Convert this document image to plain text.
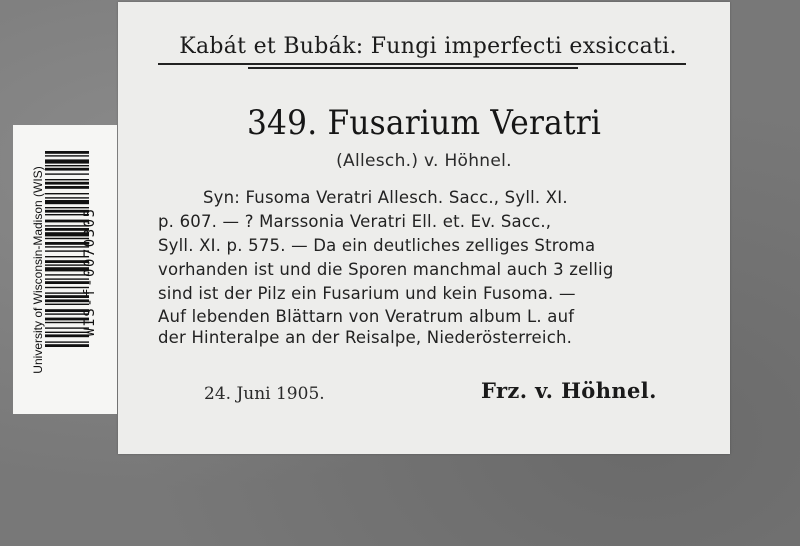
Kabát et Bubák: Fungi imperfecti exsiccati.
349. Fusarium Veratri
(Allesch.) v. Höhnel.
Syn: Fusoma Veratri Allesch. Sacc., Syll. XI.
p. 607. — ? Marssonia Veratri Ell. et. Ev. Sacc.,
Syll. XI. p. 575. — Da ein deutliches zelliges Stroma
vorhanden ist und die Sporen manchmal auch 3 zellig
sind ist der Pilz ein Fusarium und kein Fusoma. —
Auf lebenden Blättarn von Veratrum album L. auf
der Hinteralpe an der Reisalpe, Niederösterreich.
24. Juni 1905.	Frz. v. Höhnel.
University of Wisconsin-Madison (WIS)	WIS-f-0070305
